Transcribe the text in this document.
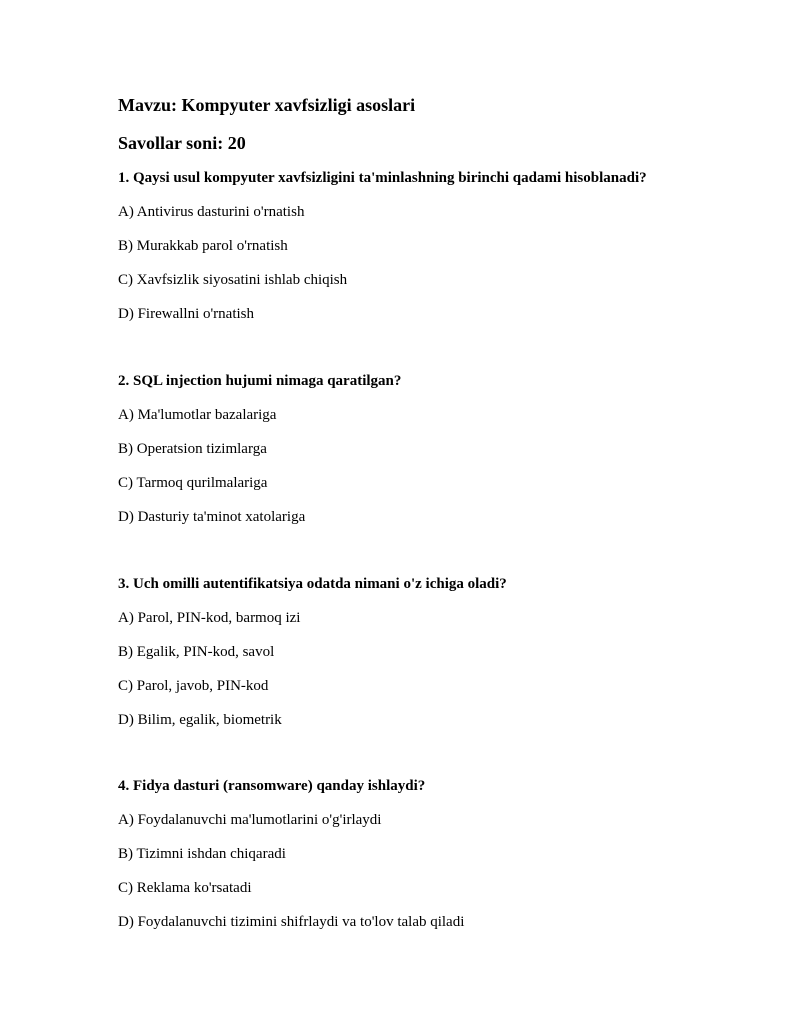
Mavzu: Kompyuter xavfsizligi asoslari
Savollar soni: 20

1. Qaysi usul kompyuter xavfsizligini ta'minlashning birinchi qadami hisoblanadi?

A) Antivirus dasturini o'rnatish

B) Murakkab parol o'rnatish

C) Xavfsizlik siyosatini ishlab chiqish

D) Firewallni o'rnatish

2. SQL injection hujumi nimaga qaratilgan?

A) Ma'lumotlar bazalariga

B) Operatsion tizimlarga

C) Tarmoq qurilmalariga

D) Dasturiy ta'minot xatolariga

3. Uch omilli autentifikatsiya odatda nimani o'z ichiga oladi?

A) Parol, PIN-kod, barmoq izi

B) Egalik, PIN-kod, savol

C) Parol, javob, PIN-kod

D) Bilim, egalik, biometrik

4. Fidya dasturi (ransomware) qanday ishlaydi?

A) Foydalanuvchi ma'lumotlarini o'g'irlaydi

B) Tizimni ishdan chiqaradi

C) Reklama ko'rsatadi

D) Foydalanuvchi tizimini shifrlaydi va to'lov talab qiladi
